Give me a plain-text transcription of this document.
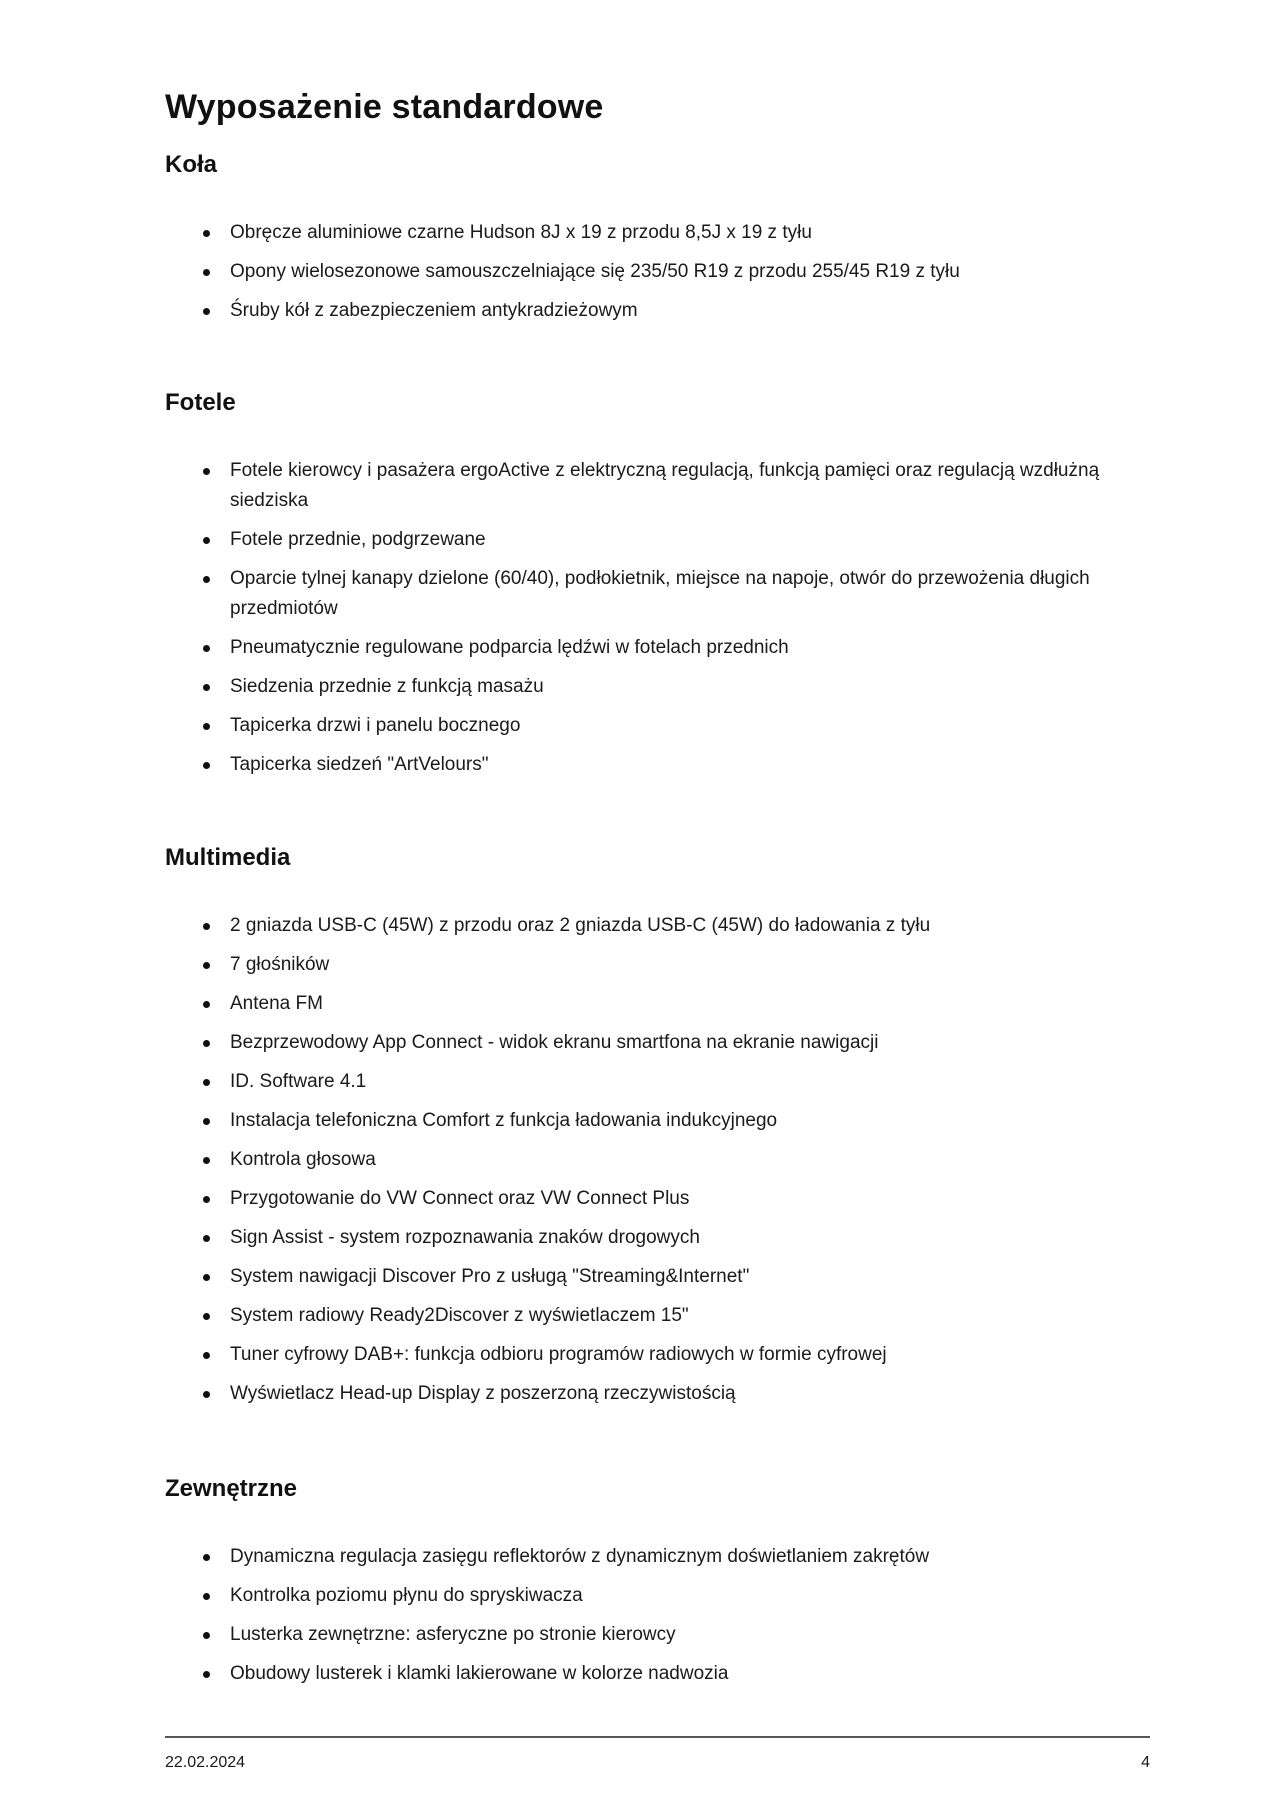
Wyposażenie standardowe
Koła
Obręcze aluminiowe czarne Hudson 8J x 19 z przodu 8,5J x 19 z tyłu
Opony wielosezonowe samouszczelniające się 235/50 R19 z przodu 255/45 R19 z tyłu
Śruby kół z zabezpieczeniem antykradzieżowym
Fotele
Fotele kierowcy i pasażera ergoActive z elektryczną regulacją, funkcją pamięci oraz regulacją wzdłużną siedziska
Fotele przednie, podgrzewane
Oparcie tylnej kanapy dzielone (60/40), podłokietnik, miejsce na napoje, otwór do przewożenia długich przedmiotów
Pneumatycznie regulowane podparcia lędźwi w fotelach przednich
Siedzenia przednie z funkcją masażu
Tapicerka drzwi i panelu bocznego
Tapicerka siedzeń "ArtVelours"
Multimedia
2 gniazda USB-C (45W) z przodu oraz 2 gniazda USB-C (45W) do ładowania z tyłu
7 głośników
Antena FM
Bezprzewodowy App Connect - widok ekranu smartfona na ekranie nawigacji
ID. Software 4.1
Instalacja telefoniczna Comfort z funkcja ładowania indukcyjnego
Kontrola głosowa
Przygotowanie do VW Connect oraz VW Connect Plus
Sign Assist - system rozpoznawania znaków drogowych
System nawigacji Discover Pro z usługą "Streaming&Internet"
System radiowy Ready2Discover z wyświetlaczem 15"
Tuner cyfrowy DAB+: funkcja odbioru programów radiowych w formie cyfrowej
Wyświetlacz Head-up Display z poszerzoną rzeczywistością
Zewnętrzne
Dynamiczna regulacja zasięgu reflektorów z dynamicznym doświetlaniem zakrętów
Kontrolka poziomu płynu do spryskiwacza
Lusterka zewnętrzne: asferyczne po stronie kierowcy
Obudowy lusterek i klamki lakierowane w kolorze nadwozia
22.02.2024	4
